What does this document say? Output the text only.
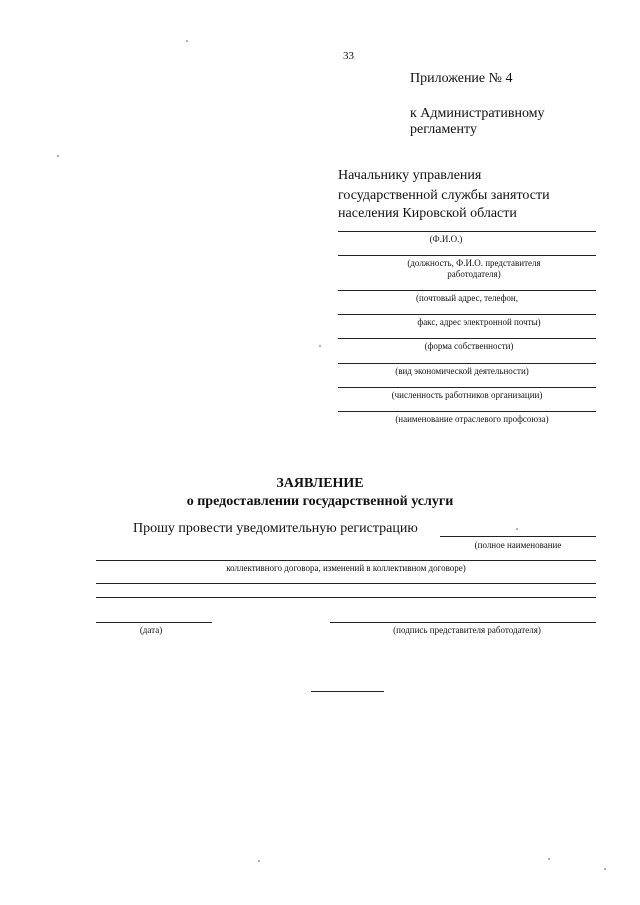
33
Приложение № 4
к Административному
регламенту
Начальнику управления
государственной службы занятости
населения Кировской области
(Ф.И.О.)
(должность, Ф.И.О. представителя
работодателя)
(почтовый адрес, телефон,
факс, адрес электронной почты)
(форма собственности)
(вид экономической деятельности)
(численность работников организации)
(наименование отраслевого профсоюза)
ЗАЯВЛЕНИЕ
о предоставлении государственной услуги
Прошу провести уведомительную регистрацию
(полное наименование
коллективного договора, изменений в коллективном договоре)
(дата)	(подпись представителя работодателя)
